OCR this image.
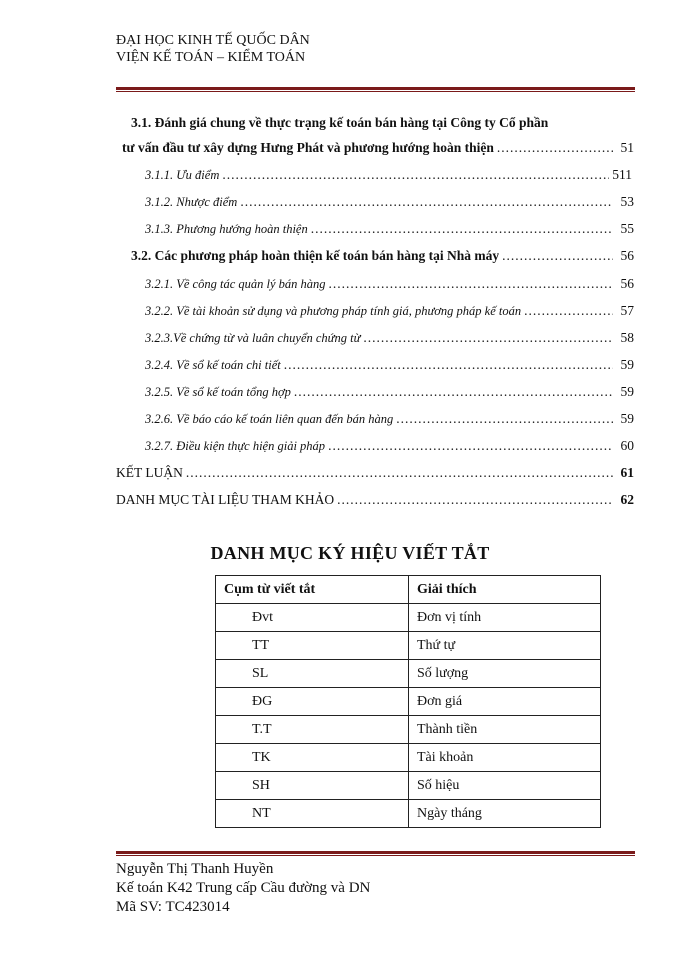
ĐẠI HỌC KINH TẾ QUỐC DÂN
VIỆN KẾ TOÁN – KIỂM TOÁN
3.1. Đánh giá chung về thực trạng kế toán bán hàng tại Công ty Cổ phần
tư vấn đầu tư xây dựng Hưng Phát và phương hướng hoàn thiện .....	51
3.1.1. Ưu điểm .....	511
3.1.2. Nhược điểm .....	53
3.1.3. Phương hướng hoàn thiện .....	55
3.2. Các phương pháp hoàn thiện kế toán bán hàng tại Nhà máy .....	56
3.2.1. Về công tác quản lý bán hàng .....	56
3.2.2. Về tài khoản sử dụng và phương pháp tính giá, phương pháp kế toán .....	57
3.2.3.Về chứng từ và luân chuyển chứng từ .....	58
3.2.4. Về sổ kế toán chi tiết .....	59
3.2.5. Về sổ kế toán tổng hợp .....	59
3.2.6. Về báo cáo kế toán liên quan đến bán hàng .....	59
3.2.7. Điều kiện thực hiện giải pháp .....	60
KẾT LUẬN .....	61
DANH MỤC TÀI LIỆU THAM KHẢO .....	62
DANH MỤC KÝ HIỆU VIẾT TẮT
Cụm từ viết tắt	Giải thích
Đvt	Đơn vị tính
TT	Thứ tự
SL	Số lượng
ĐG	Đơn giá
T.T	Thành tiền
TK	Tài khoản
SH	Số hiệu
NT	Ngày tháng
Nguyễn Thị Thanh Huyền
Kế toán K42 Trung cấp Cầu đường và DN
Mã SV: TC423014
